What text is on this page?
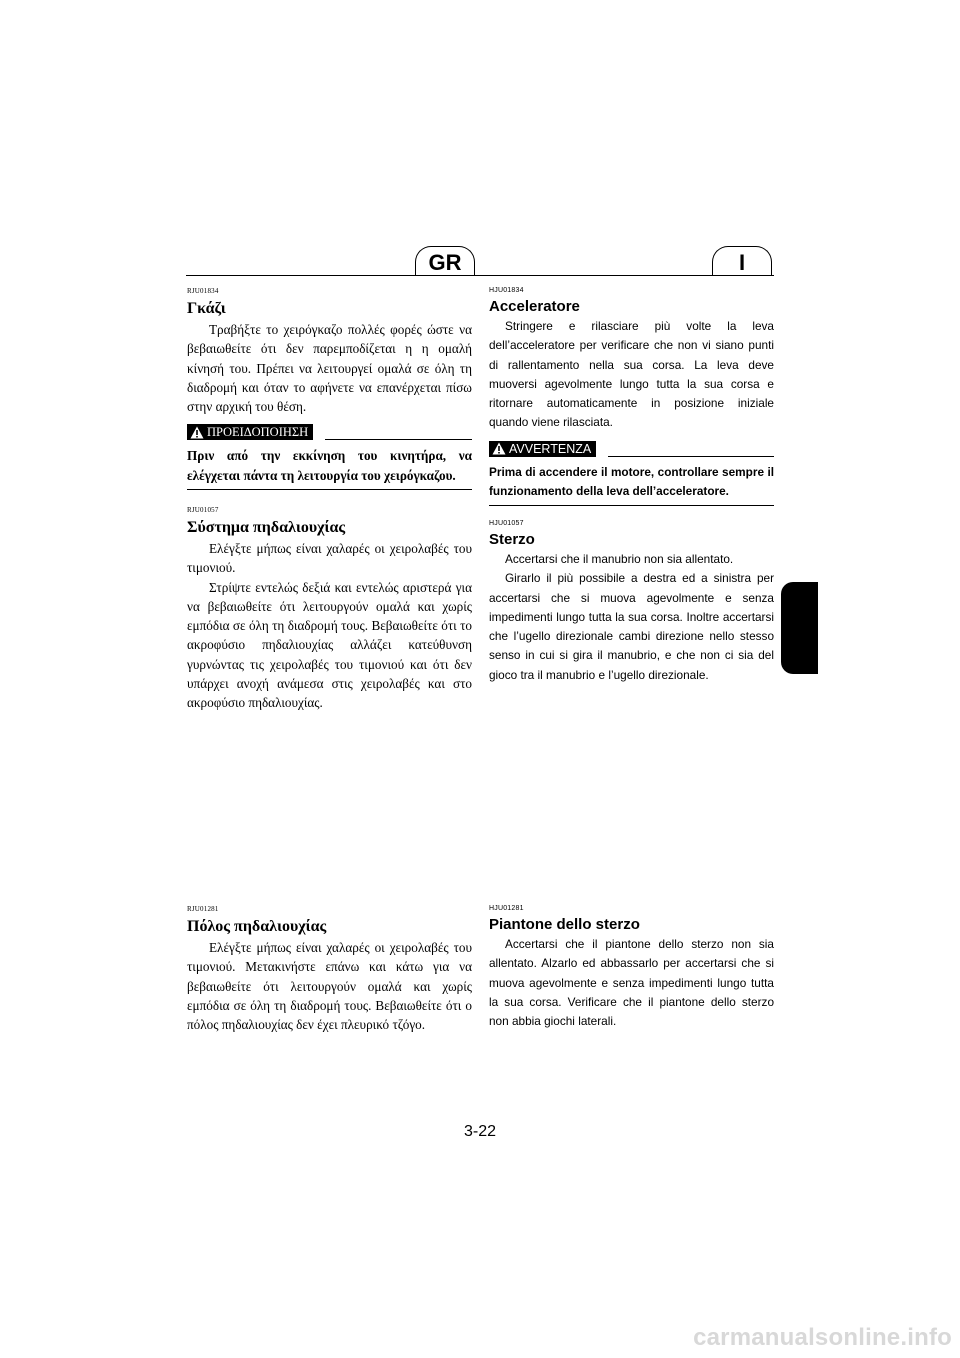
GR	I
RJU01834
Γκάζι

Τραβήξτε το χειρόγκαζο πολλές φορές ώστε να βεβαιωθείτε ότι δεν παρεμποδίζεται η η ομαλή κίνησή του. Πρέπει να λειτουργεί ομαλά σε όλη τη διαδρομή και όταν το αφήνετε να επανέρχεται πίσω στην αρχική του θέση.

ΠΡΟΕΙΔΟΠΟΙΗΣΗ
Πριν από την εκκίνηση του κινητήρα, να ελέγχεται πάντα τη λειτουργία του χειρόγκαζου.
RJU01057
Σύστημα πηδαλιουχίας

Ελέγξτε μήπως είναι χαλαρές οι χειρολαβές του τιμονιού.

Στρίψτε εντελώς δεξιά και εντελώς αριστερά για να βεβαιωθείτε ότι λειτουργούν ομαλά και χωρίς εμπόδια σε όλη τη διαδρομή τους. Βεβαιωθείτε ότι το ακροφύσιο πηδαλιουχίας αλλάζει κατεύθυνση γυρνώντας τις χειρολαβές του τιμονιού και ότι δεν υπάρχει ανοχή ανάμεσα στις χειρολαβές και στο ακροφύσιο πηδαλιουχίας.

RJU01281
Πόλος πηδαλιουχίας

Ελέγξτε μήπως είναι χαλαρές οι χειρολαβές του τιμονιού. Μετακινήστε επάνω και κάτω για να βεβαιωθείτε ότι λειτουργούν ομαλά και χωρίς εμπόδια σε όλη τη διαδρομή τους. Βεβαιωθείτε ότι ο πόλος πηδαλιουχίας δεν έχει πλευρικό τζόγο.

HJU01834
Acceleratore

Stringere e rilasciare più volte la leva dell’acceleratore per verificare che non vi siano punti di rallentamento nella sua corsa. La leva deve muoversi agevolmente lungo tutta la sua corsa e ritornare automaticamente in posizione iniziale quando viene rilasciata.

AVVERTENZA
Prima di accendere il motore, controllare sempre il funzionamento della leva dell’acceleratore.
HJU01057
Sterzo

Accertarsi che il manubrio non sia allentato.

Girarlo il più possibile a destra ed a sinistra per accertarsi che si muova agevolmente e senza impedimenti lungo tutta la sua corsa. Inoltre accertarsi che l’ugello direzionale cambi direzione nello stesso senso in cui si gira il manubrio, e che non ci sia del gioco tra il manubrio e l’ugello direzionale.

HJU01281
Piantone dello sterzo

Accertarsi che il piantone dello sterzo non sia allentato. Alzarlo ed abbassarlo per accertarsi che si muova agevolmente e senza impedimenti lungo tutta la sua corsa. Verificare che il piantone dello sterzo non abbia giochi laterali.

3-22
carmanualsonline.info
